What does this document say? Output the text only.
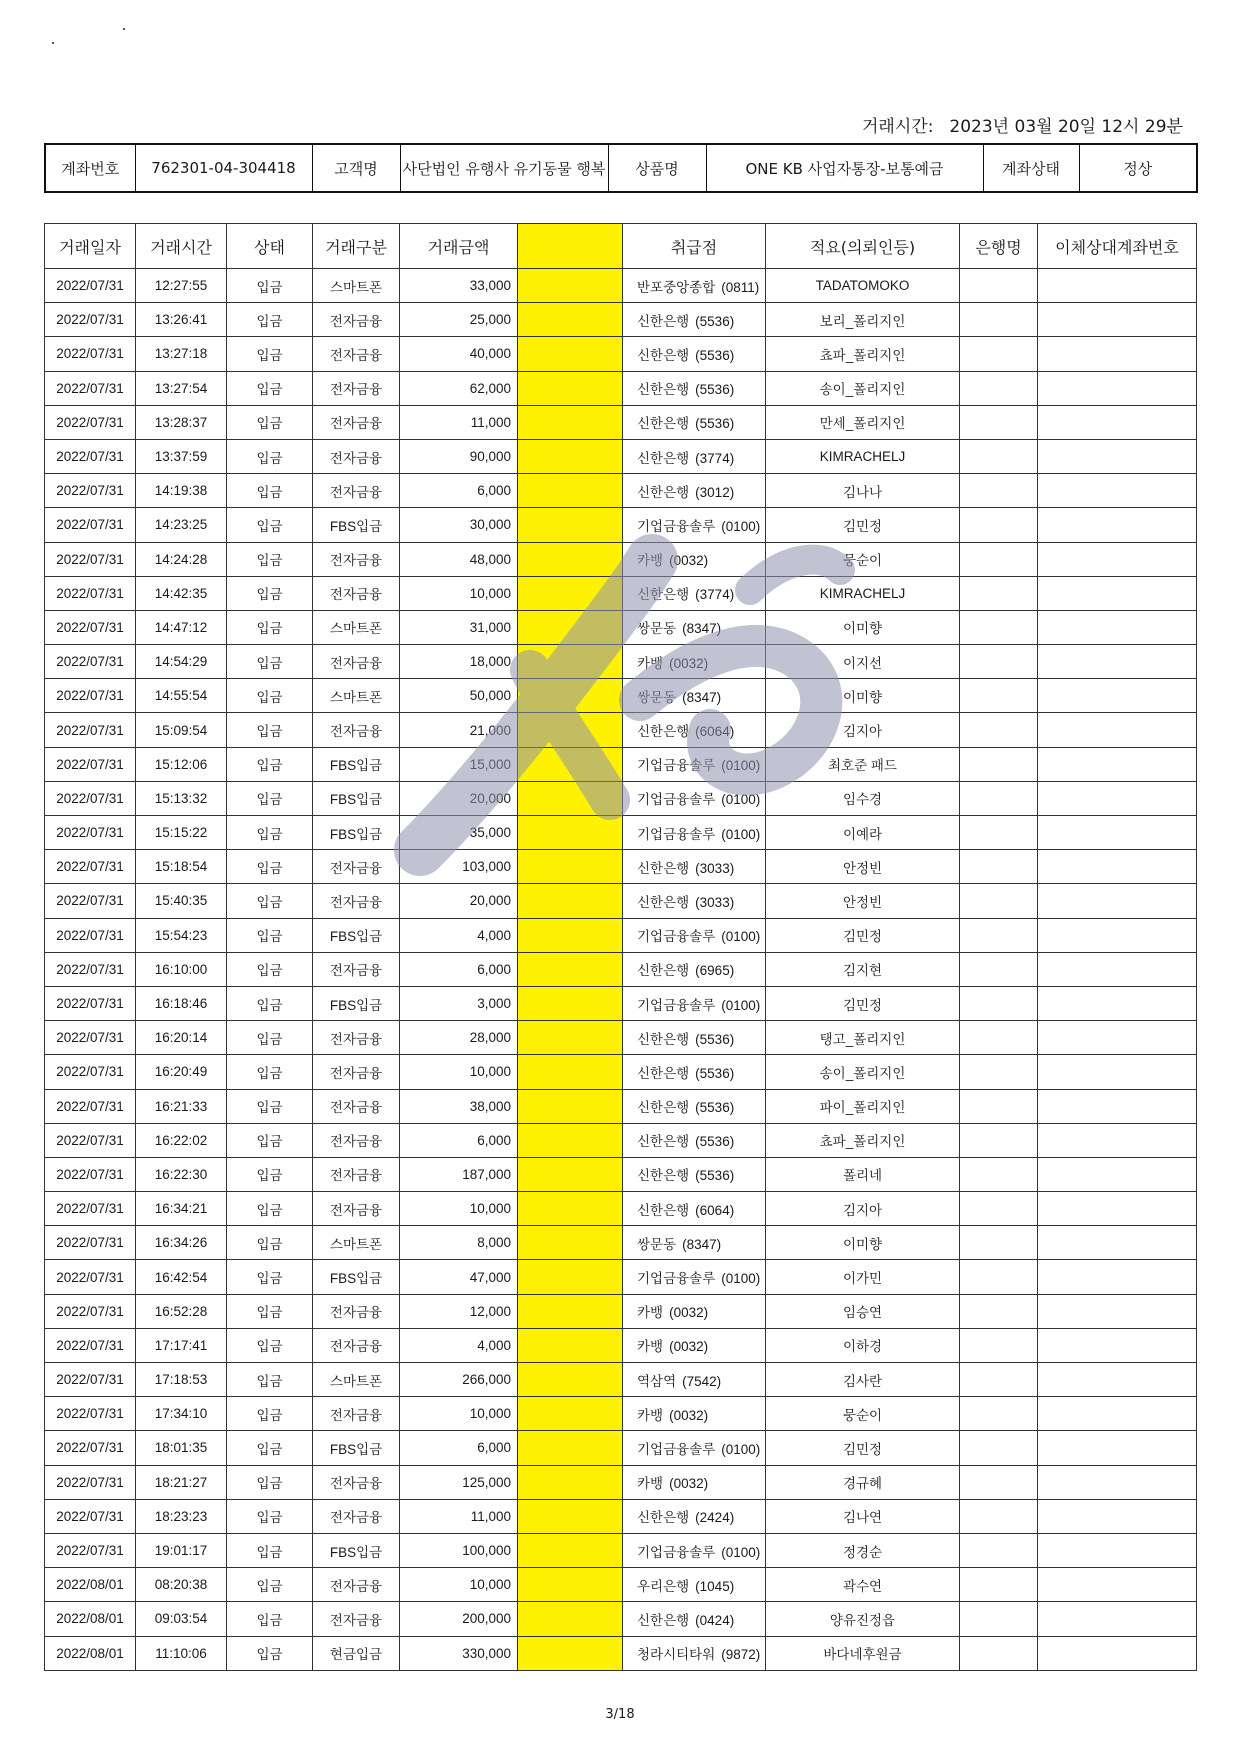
거래시간: 2023년 03월 20일 12시 29분
계좌번호	762301-04-304418	고객명	사단법인 유행사 유기동물 행복	상품명	ONE KB 사업자통장-보통예금	계좌상태	정상
거래일자	거래시간	상태	거래구분	거래금액		취급점	적요(의뢰인등)	은행명	이체상대계좌번호
2022/07/31	12:27:55	입금	스마트폰	33,000		반포중앙종합 (0811)	TADATOMOKO		
2022/07/31	13:26:41	입금	전자금융	25,000		신한은행 (5536)	보리_폴리지인		
2022/07/31	13:27:18	입금	전자금융	40,000		신한은행 (5536)	쵸파_폴리지인		
2022/07/31	13:27:54	입금	전자금융	62,000		신한은행 (5536)	송이_폴리지인		
2022/07/31	13:28:37	입금	전자금융	11,000		신한은행 (5536)	만세_폴리지인		
2022/07/31	13:37:59	입금	전자금융	90,000		신한은행 (3774)	KIMRACHELJ		
2022/07/31	14:19:38	입금	전자금융	6,000		신한은행 (3012)	김나나		
2022/07/31	14:23:25	입금	FBS입금	30,000		기업금융솔루 (0100)	김민정		
2022/07/31	14:24:28	입금	전자금융	48,000		카뱅 (0032)	뭉순이		
2022/07/31	14:42:35	입금	전자금융	10,000		신한은행 (3774)	KIMRACHELJ		
2022/07/31	14:47:12	입금	스마트폰	31,000		쌍문동 (8347)	이미향		
2022/07/31	14:54:29	입금	전자금융	18,000		카뱅 (0032)	이지선		
2022/07/31	14:55:54	입금	스마트폰	50,000		쌍문동 (8347)	이미향		
2022/07/31	15:09:54	입금	전자금융	21,000		신한은행 (6064)	김지아		
2022/07/31	15:12:06	입금	FBS입금	15,000		기업금융솔루 (0100)	최호준 패드		
2022/07/31	15:13:32	입금	FBS입금	20,000		기업금융솔루 (0100)	임수경		
2022/07/31	15:15:22	입금	FBS입금	35,000		기업금융솔루 (0100)	이예라		
2022/07/31	15:18:54	입금	전자금융	103,000		신한은행 (3033)	안정빈		
2022/07/31	15:40:35	입금	전자금융	20,000		신한은행 (3033)	안정빈		
2022/07/31	15:54:23	입금	FBS입금	4,000		기업금융솔루 (0100)	김민정		
2022/07/31	16:10:00	입금	전자금융	6,000		신한은행 (6965)	김지현		
2022/07/31	16:18:46	입금	FBS입금	3,000		기업금융솔루 (0100)	김민정		
2022/07/31	16:20:14	입금	전자금융	28,000		신한은행 (5536)	탱고_폴리지인		
2022/07/31	16:20:49	입금	전자금융	10,000		신한은행 (5536)	송이_폴리지인		
2022/07/31	16:21:33	입금	전자금융	38,000		신한은행 (5536)	파이_폴리지인		
2022/07/31	16:22:02	입금	전자금융	6,000		신한은행 (5536)	쵸파_폴리지인		
2022/07/31	16:22:30	입금	전자금융	187,000		신한은행 (5536)	폴리네		
2022/07/31	16:34:21	입금	전자금융	10,000		신한은행 (6064)	김지아		
2022/07/31	16:34:26	입금	스마트폰	8,000		쌍문동 (8347)	이미향		
2022/07/31	16:42:54	입금	FBS입금	47,000		기업금융솔루 (0100)	이가민		
2022/07/31	16:52:28	입금	전자금융	12,000		카뱅 (0032)	임승연		
2022/07/31	17:17:41	입금	전자금융	4,000		카뱅 (0032)	이하경		
2022/07/31	17:18:53	입금	스마트폰	266,000		역삼역 (7542)	김사란		
2022/07/31	17:34:10	입금	전자금융	10,000		카뱅 (0032)	뭉순이		
2022/07/31	18:01:35	입금	FBS입금	6,000		기업금융솔루 (0100)	김민정		
2022/07/31	18:21:27	입금	전자금융	125,000		카뱅 (0032)	경규혜		
2022/07/31	18:23:23	입금	전자금융	11,000		신한은행 (2424)	김나연		
2022/07/31	19:01:17	입금	FBS입금	100,000		기업금융솔루 (0100)	정경순		
2022/08/01	08:20:38	입금	전자금융	10,000		우리은행 (1045)	곽수연		
2022/08/01	09:03:54	입금	전자금융	200,000		신한은행 (0424)	양유진정읍		
2022/08/01	11:10:06	입금	현금입금	330,000		청라시티타워 (9872)	바다네후원금		
3/18
